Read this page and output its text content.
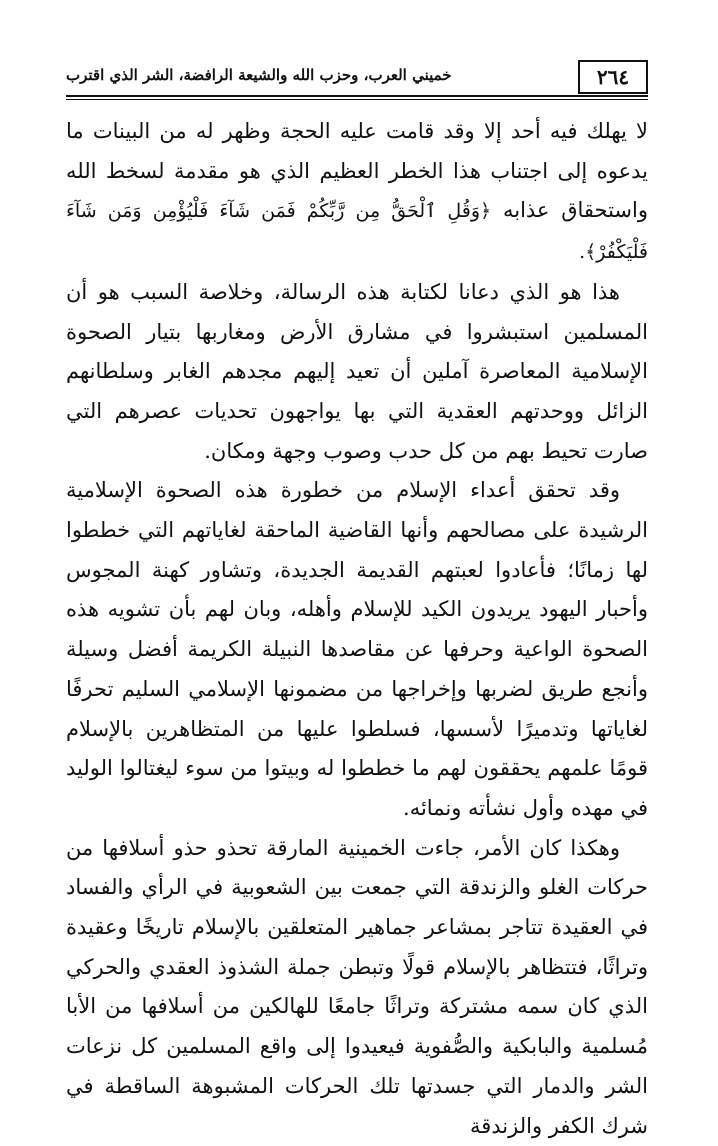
٢٦٤
خميني العرب، وحزب الله والشيعة الرافضة، الشر الذي اقترب

لا يهلك فيه أحد إلا وقد قامت عليه الحجة وظهر له من البينات ما يدعوه إلى اجتناب هذا الخطر العظيم الذي هو مقدمة لسخط الله واستحقاق عذابه ﴿وَقُلِ ٱلْحَقُّ مِن رَّبِّكُمْ فَمَن شَآءَ فَلْيُؤْمِن وَمَن شَآءَ فَلْيَكْفُرْ﴾.

هذا هو الذي دعانا لكتابة هذه الرسالة، وخلاصة السبب هو أن المسلمين استبشروا في مشارق الأرض ومغاربها بتيار الصحوة الإسلامية المعاصرة آملين أن تعيد إليهم مجدهم الغابر وسلطانهم الزائل ووحدتهم العقدية التي بها يواجهون تحديات عصرهم التي صارت تحيط بهم من كل حدب وصوب وجهة ومكان.

وقد تحقق أعداء الإسلام من خطورة هذه الصحوة الإسلامية الرشيدة على مصالحهم وأنها القاضية الماحقة لغاياتهم التي خططوا لها زمانًا؛ فأعادوا لعبتهم القديمة الجديدة، وتشاور كهنة المجوس وأحبار اليهود يريدون الكيد للإسلام وأهله، وبان لهم بأن تشويه هذه الصحوة الواعية وحرفها عن مقاصدها النبيلة الكريمة أفضل وسيلة وأنجع طريق لضربها وإخراجها من مضمونها الإسلامي السليم تحرفًا لغاياتها وتدميرًا لأسسها، فسلطوا عليها من المتظاهرين بالإسلام قومًا علمهم يحققون لهم ما خططوا له وبيتوا من سوء ليغتالوا الوليد في مهده وأول نشأته ونمائه.

وهكذا كان الأمر، جاءت الخمينية المارقة تحذو حذو أسلافها من حركات الغلو والزندقة التي جمعت بين الشعوبية في الرأي والفساد في العقيدة تتاجر بمشاعر جماهير المتعلقين بالإسلام تاريخًا وعقيدة وتراثًا، فتتظاهر بالإسلام قولًا وتبطن جملة الشذوذ العقدي والحركي الذي كان سمه مشتركة وتراثًا جامعًا للهالكين من أسلافها من الأبا مُسلمية والبابكية والصُّفوية فيعيدوا إلى واقع المسلمين كل نزعات الشر والدمار التي جسدتها تلك الحركات المشبوهة الساقطة في شرك الكفر والزندقة
